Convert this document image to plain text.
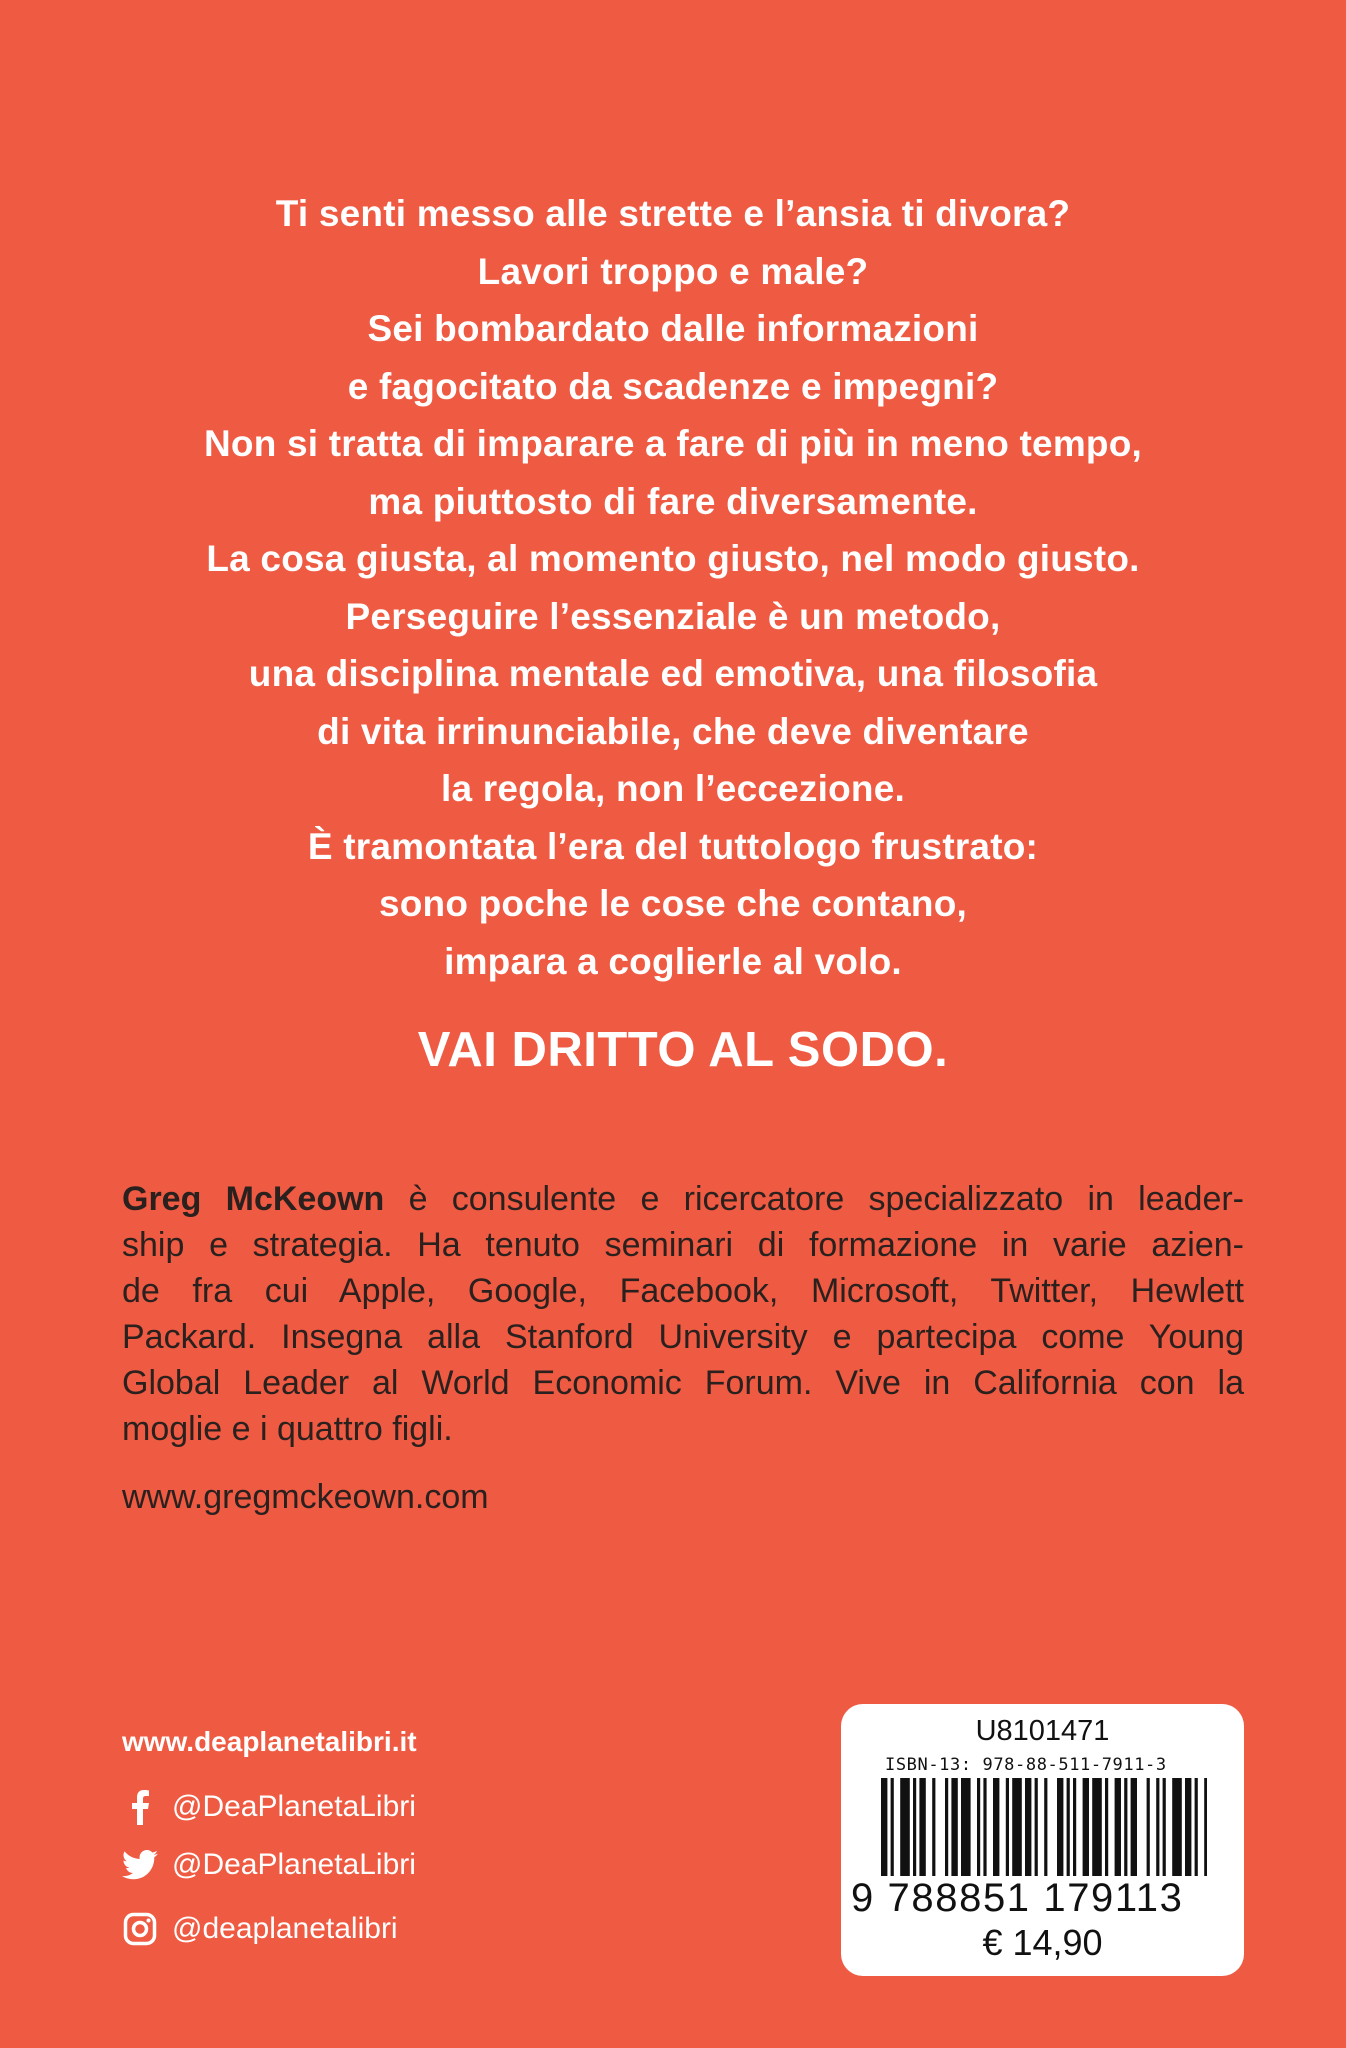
Ti senti messo alle strette e l’ansia ti divora?
Lavori troppo e male?
Sei bombardato dalle informazioni
e fagocitato da scadenze e impegni?
Non si tratta di imparare a fare di più in meno tempo,
ma piuttosto di fare diversamente.
La cosa giusta, al momento giusto, nel modo giusto.
Perseguire l’essenziale è un metodo,
una disciplina mentale ed emotiva, una filosofia
di vita irrinunciabile, che deve diventare
la regola, non l’eccezione.
È tramontata l’era del tuttologo frustrato:
sono poche le cose che contano,
impara a coglierle al volo.
VAI DRITTO AL SODO.
Greg McKeown è consulente e ricercatore specializzato in leader-
ship e strategia. Ha tenuto seminari di formazione in varie azien-
de fra cui Apple, Google, Facebook, Microsoft, Twitter, Hewlett
Packard. Insegna alla Stanford University e partecipa come Young
Global Leader al World Economic Forum. Vive in California con la
moglie e i quattro figli.
www.gregmckeown.com
www.deaplanetalibri.it
@DeaPlanetaLibri
@DeaPlanetaLibri
@deaplanetalibri
U8101471
ISBN-13: 978-88-511-7911-3
9 788851 179113
€ 14,90
